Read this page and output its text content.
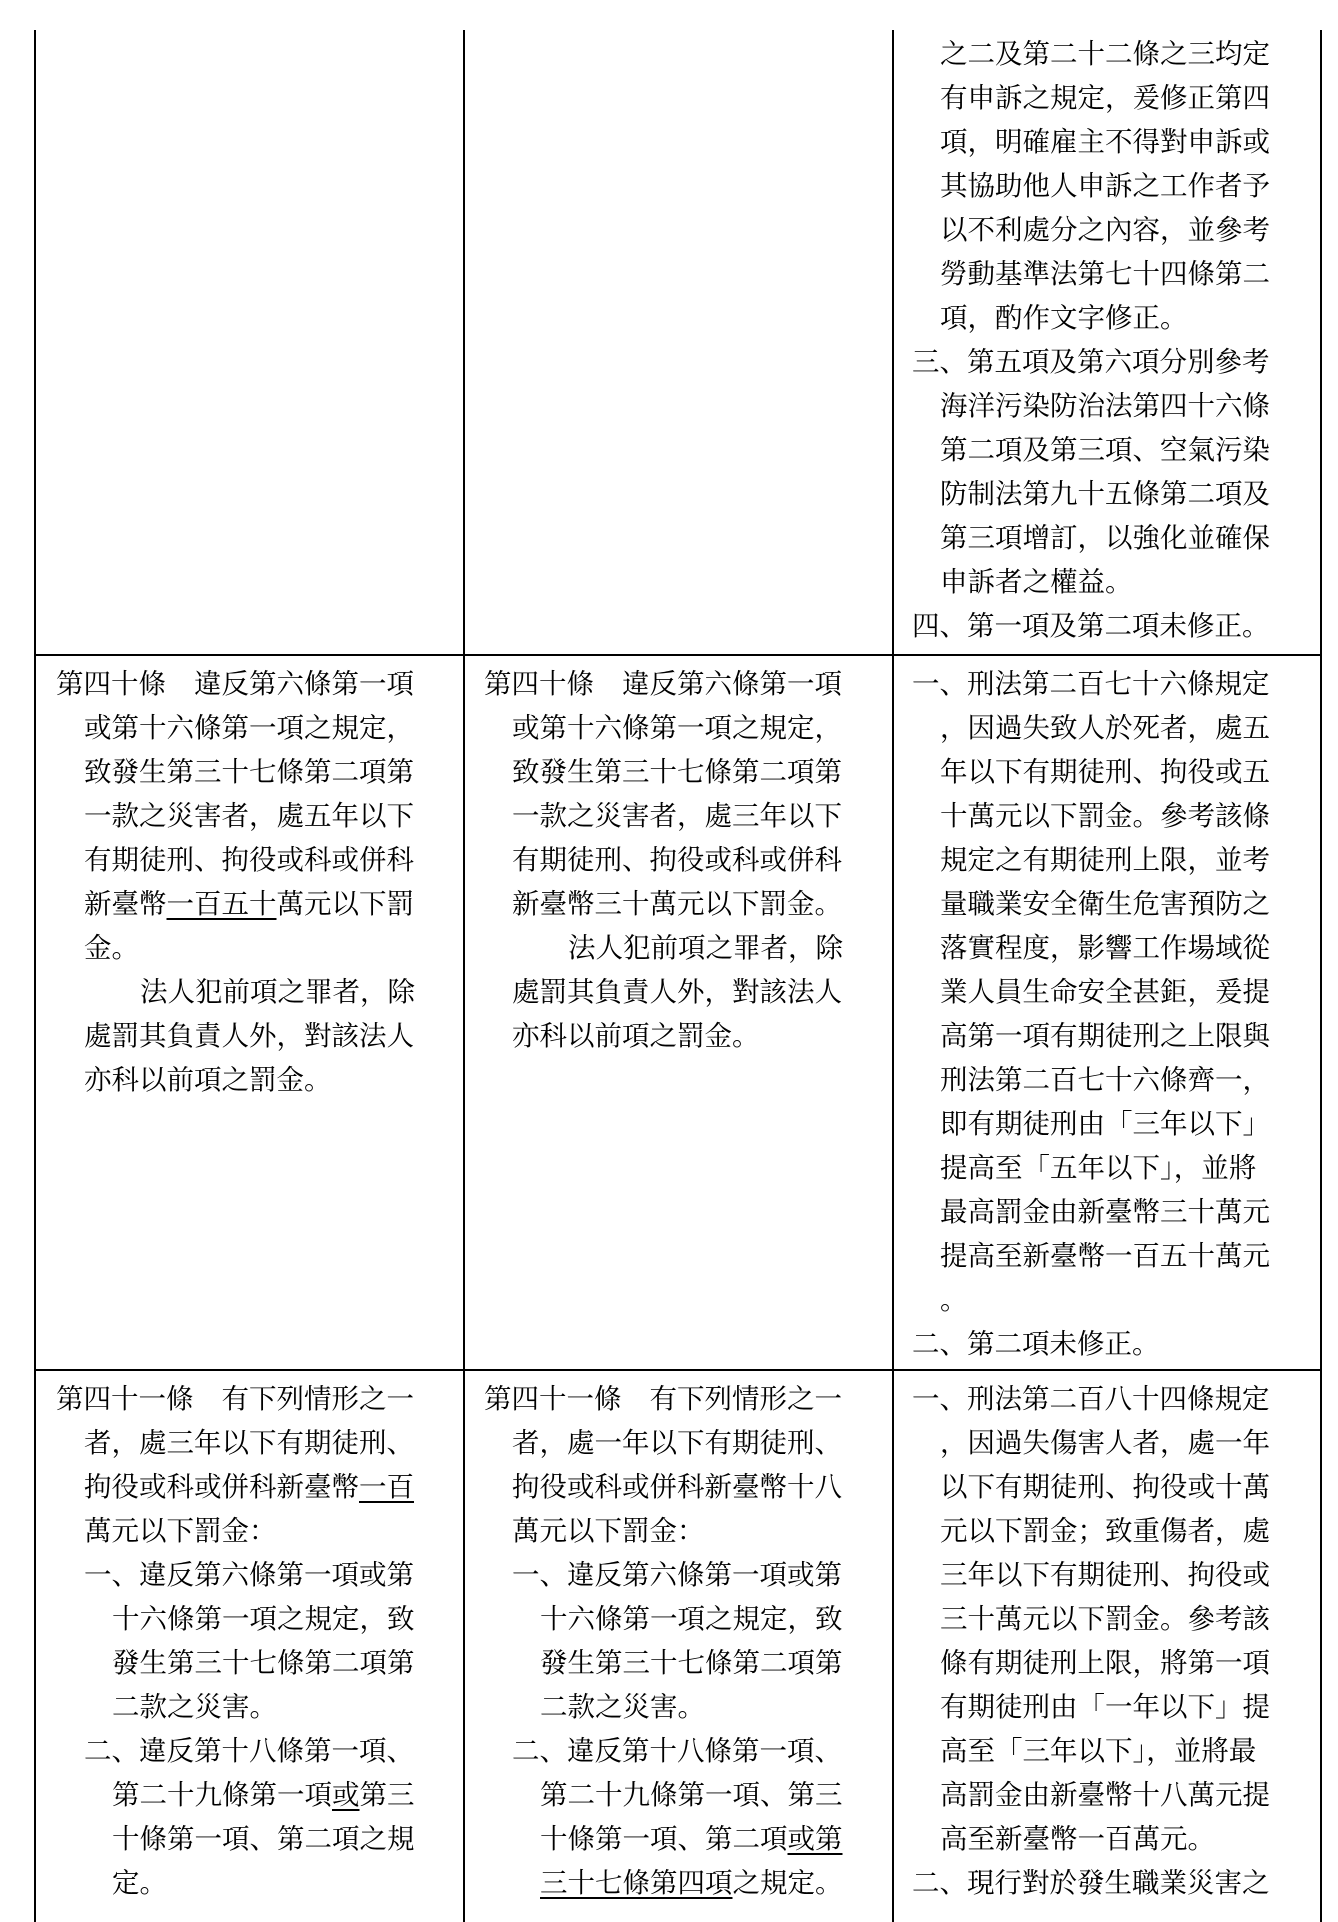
之二及第二十二條之三均定
有申訴之規定，爰修正第四
項，明確雇主不得對申訴或
其協助他人申訴之工作者予
以不利處分之內容，並參考
勞動基準法第七十四條第二
項，酌作文字修正。

三、第五項及第六項分別參考
海洋污染防治法第四十六條
第二項及第三項、空氣污染
防制法第九十五條第二項及
第三項增訂，以強化並確保
申訴者之權益。

四、第一項及第二項未修正。

第四十條 違反第六條第一項
或第十六條第一項之規定，
致發生第三十七條第二項第
一款之災害者，處五年以下
有期徒刑、拘役或科或併科
新臺幣一百五十萬元以下罰
金。

法人犯前項之罪者，除
處罰其負責人外，對該法人
亦科以前項之罰金。

第四十條 違反第六條第一項
或第十六條第一項之規定，
致發生第三十七條第二項第
一款之災害者，處三年以下
有期徒刑、拘役或科或併科
新臺幣三十萬元以下罰金。

法人犯前項之罪者，除
處罰其負責人外，對該法人
亦科以前項之罰金。

一、刑法第二百七十六條規定
，因過失致人於死者，處五
年以下有期徒刑、拘役或五
十萬元以下罰金。參考該條
規定之有期徒刑上限，並考
量職業安全衛生危害預防之
落實程度，影響工作場域從
業人員生命安全甚鉅，爰提
高第一項有期徒刑之上限與
刑法第二百七十六條齊一，
即有期徒刑由「三年以下」
提高至「五年以下」，並將
最高罰金由新臺幣三十萬元
提高至新臺幣一百五十萬元
。

二、第二項未修正。

第四十一條 有下列情形之一
者，處三年以下有期徒刑、
拘役或科或併科新臺幣一百
萬元以下罰金：

一、違反第六條第一項或第
十六條第一項之規定，致
發生第三十七條第二項第
二款之災害。

二、違反第十八條第一項、
第二十九條第一項或第三
十條第一項、第二項之規
定。

第四十一條 有下列情形之一
者，處一年以下有期徒刑、
拘役或科或併科新臺幣十八
萬元以下罰金：

一、違反第六條第一項或第
十六條第一項之規定，致
發生第三十七條第二項第
二款之災害。

二、違反第十八條第一項、
第二十九條第一項、第三
十條第一項、第二項或第
三十七條第四項之規定。

一、刑法第二百八十四條規定
，因過失傷害人者，處一年
以下有期徒刑、拘役或十萬
元以下罰金；致重傷者，處
三年以下有期徒刑、拘役或
三十萬元以下罰金。參考該
條有期徒刑上限，將第一項
有期徒刑由「一年以下」提
高至「三年以下」，並將最
高罰金由新臺幣十八萬元提
高至新臺幣一百萬元。

二、現行對於發生職業災害之
